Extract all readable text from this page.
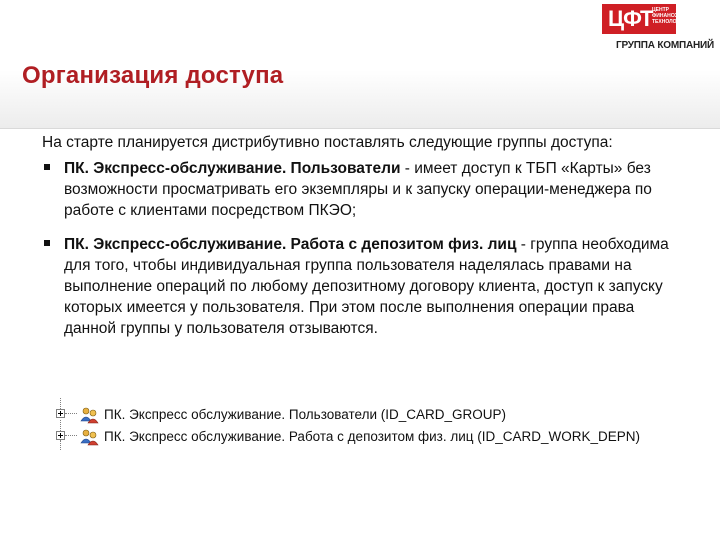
Организация доступа
ЦФТ ЦЕНТР ФИНАНСОВЫХ ТЕХНОЛОГИЙ
ГРУППА КОМПАНИЙ

На старте планируется дистрибутивно поставлять следующие группы доступа:

ПК. Экспресс-обслуживание. Пользователи - имеет доступ к ТБП «Карты» без возможности просматривать его экземпляры и к запуску операции-менеджера по работе с клиентами посредством ПКЭО;
ПК. Экспресс-обслуживание. Работа с депозитом физ. лиц - группа необходима для того, чтобы индивидуальная группа пользователя наделялась правами на выполнение операций по любому депозитному договору клиента, доступ к запуску которых имеется у пользователя. При этом после выполнения операции права данной группы у пользователя отзываются.
ПК. Экспресс обслуживание. Пользователи (ID_CARD_GROUP)
ПК. Экспресс обслуживание. Работа с депозитом физ. лиц (ID_CARD_WORK_DEPN)
